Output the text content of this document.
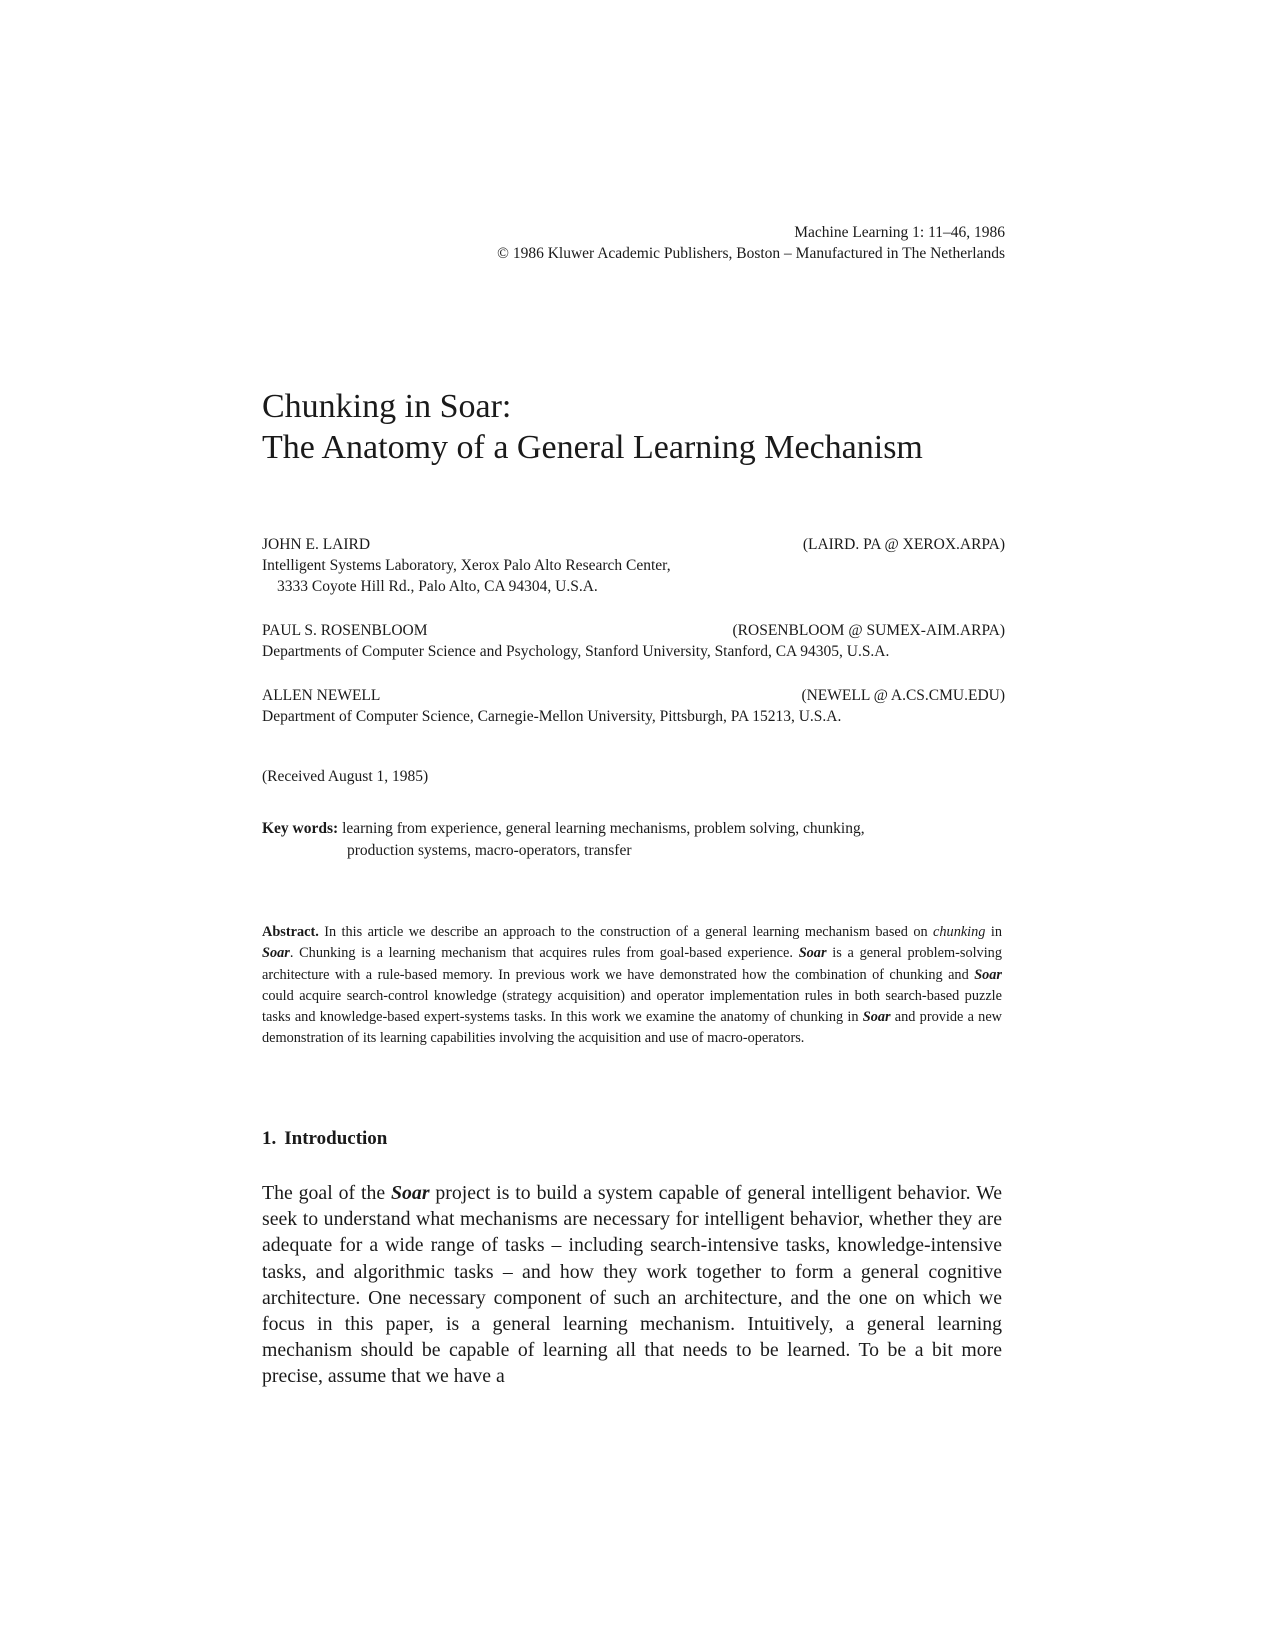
Machine Learning 1: 11–46, 1986
© 1986 Kluwer Academic Publishers, Boston – Manufactured in The Netherlands
Chunking in Soar:
The Anatomy of a General Learning Mechanism
JOHN E. LAIRD	(LAIRD. PA @ XEROX.ARPA)
Intelligent Systems Laboratory, Xerox Palo Alto Research Center,
3333 Coyote Hill Rd., Palo Alto, CA 94304, U.S.A.
PAUL S. ROSENBLOOM	(ROSENBLOOM @ SUMEX-AIM.ARPA)
Departments of Computer Science and Psychology, Stanford University, Stanford, CA 94305, U.S.A.
ALLEN NEWELL	(NEWELL @ A.CS.CMU.EDU)
Department of Computer Science, Carnegie-Mellon University, Pittsburgh, PA 15213, U.S.A.
(Received August 1, 1985)
Key words: learning from experience, general learning mechanisms, problem solving, chunking,
production systems, macro-operators, transfer

Abstract. In this article we describe an approach to the construction of a general learning mechanism based on chunking in Soar. Chunking is a learning mechanism that acquires rules from goal-based experience. Soar is a general problem-solving architecture with a rule-based memory. In previous work we have demonstrated how the combination of chunking and Soar could acquire search-control knowledge (strategy acquisition) and operator implementation rules in both search-based puzzle tasks and knowledge-based expert-systems tasks. In this work we examine the anatomy of chunking in Soar and provide a new demonstration of its learning capabilities involving the acquisition and use of macro-operators.

1. Introduction

The goal of the Soar project is to build a system capable of general intelligent behavior. We seek to understand what mechanisms are necessary for intelligent behavior, whether they are adequate for a wide range of tasks – including search-intensive tasks, knowledge-intensive tasks, and algorithmic tasks – and how they work together to form a general cognitive architecture. One necessary component of such an architecture, and the one on which we focus in this paper, is a general learning mechanism. Intuitively, a general learning mechanism should be capable of learning all that needs to be learned. To be a bit more precise, assume that we have a
